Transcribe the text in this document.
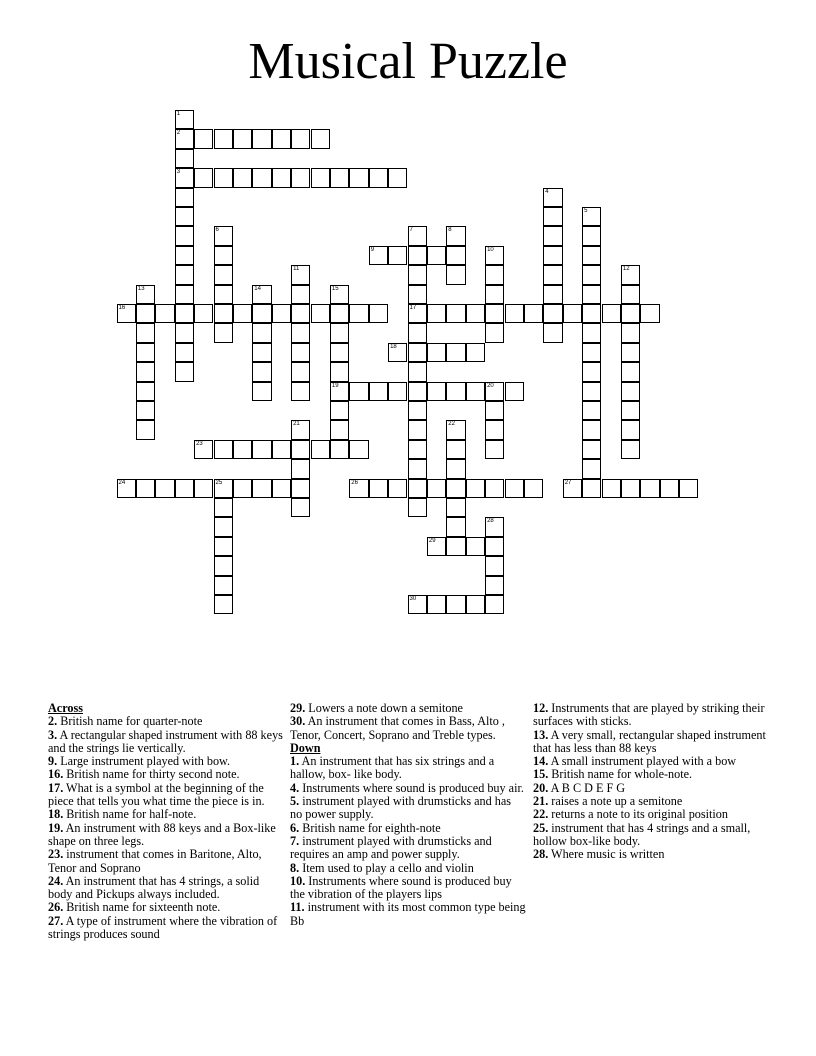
Musical Puzzle
1
2
3
4
5
6	7
17
8
9	10
11	12
13	14	15
19
16
18
20
21	22
23
24	25	26	27
28
29
30
Across
2. British name for quarter-note
3. A rectangular shaped instrument with 88 keys and the strings lie vertically.
9. Large instrument played with bow.
16. British name for thirty second note.
17. What is a symbol at the beginning of the piece that tells you what time the piece is in.
18. British name for half-note.
19. An instrument with 88 keys and a Box-like shape on three legs.
23. instrument that comes in Baritone, Alto, Tenor and Soprano
24. An instrument that has 4 strings, a solid body and Pickups always included.
26. British name for sixteenth note.
27. A type of instrument where the vibration of strings produces sound
29. Lowers a note down a semitone
30. An instrument that comes in Bass, Alto , Tenor, Concert, Soprano and Treble types.
Down
1. An instrument that has six strings and a hallow, box- like body.
4. Instruments where sound is produced buy air.
5. instrument played with drumsticks and has no power supply.
6. British name for eighth-note
7. instrument played with drumsticks and requires an amp and power supply.
8. Item used to play a cello and violin
10. Instruments where sound is produced buy the vibration of the players lips
11. instrument with its most common type being Bb
12. Instruments that are played by striking their surfaces with sticks.
13. A very small, rectangular shaped instrument that has less than 88 keys
14. A small instrument played with a bow
15. British name for whole-note.
20. A B C D E F G
21. raises a note up a semitone
22. returns a note to its original position
25. instrument that has 4 strings and a small, hollow box-like body.
28. Where music is written
